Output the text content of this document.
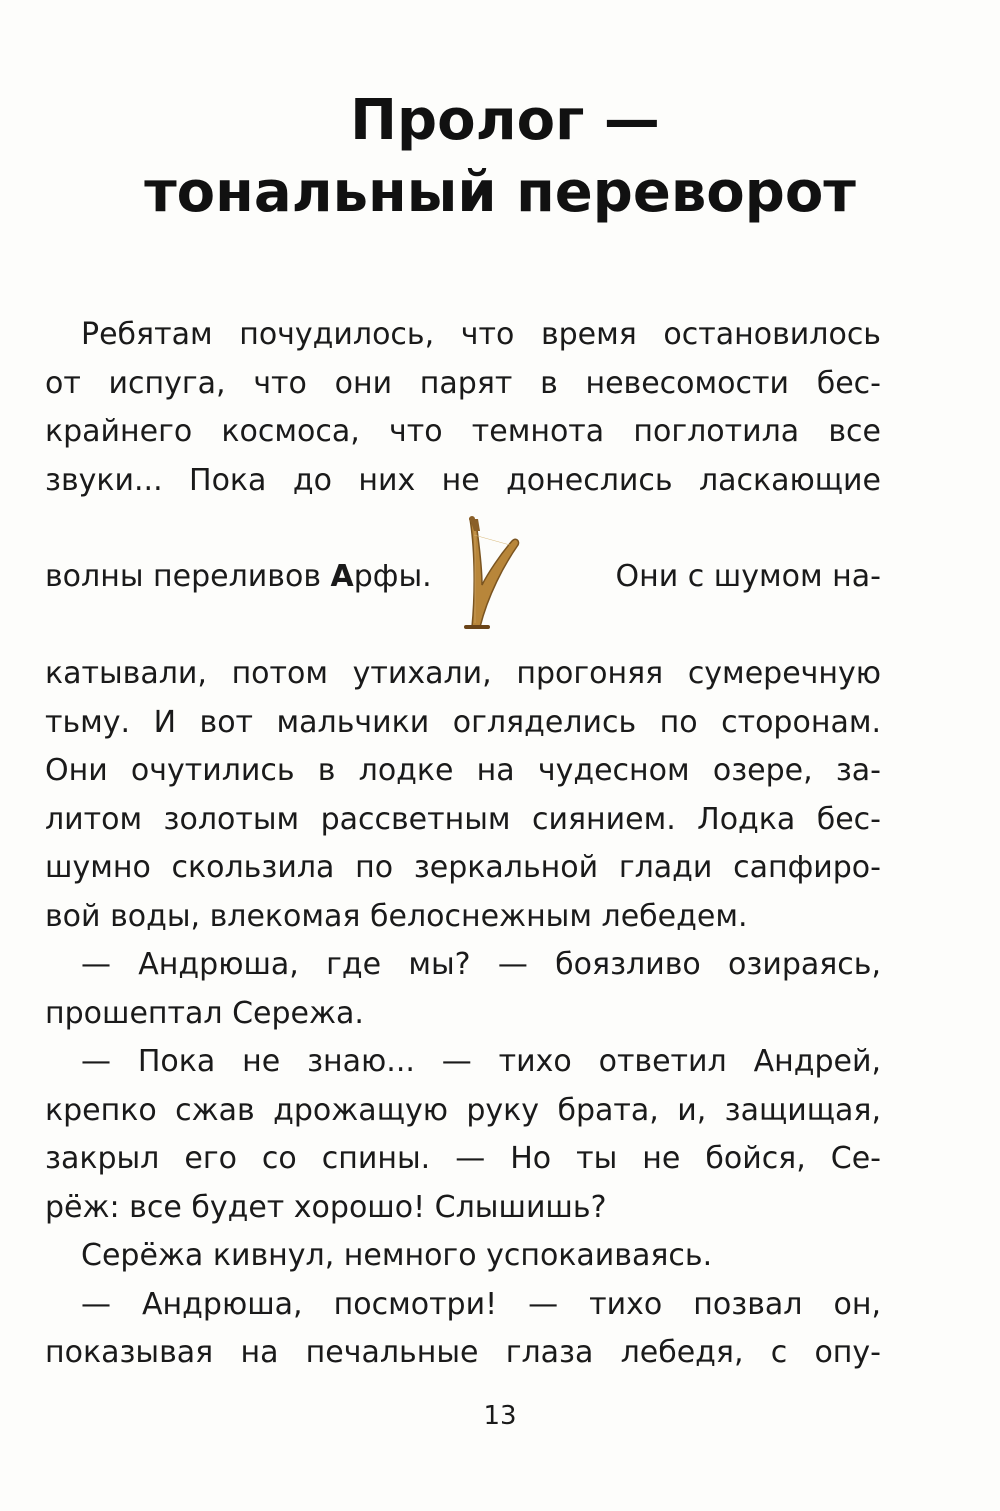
Пролог —
тональный переворот
Ребятам почудилось, что время остановилось
от испуга, что они парят в невесомости бес-
крайнего космоса, что темнота поглотила все
звуки... Пока до них не донеслись ласкающие
волны переливов Арфы.	Они с шумом на-
катывали, потом утихали, прогоняя сумеречную
тьму. И вот мальчики огляделись по сторонам.
Они очутились в лодке на чудесном озере, за-
литом золотым рассветным сиянием. Лодка бес-
шумно скользила по зеркальной глади сапфиро-
вой воды, влекомая белоснежным лебедем.
— Андрюша, где мы? — боязливо озираясь,
прошептал Сережа.
— Пока не знаю... — тихо ответил Андрей,
крепко сжав дрожащую руку брата, и, защищая,
закрыл его со спины. — Но ты не бойся, Се-
рёж: все будет хорошо! Слышишь?
Серёжа кивнул, немного успокаиваясь.
— Андрюша, посмотри! — тихо позвал он,
показывая на печальные глаза лебедя, с опу-
13
